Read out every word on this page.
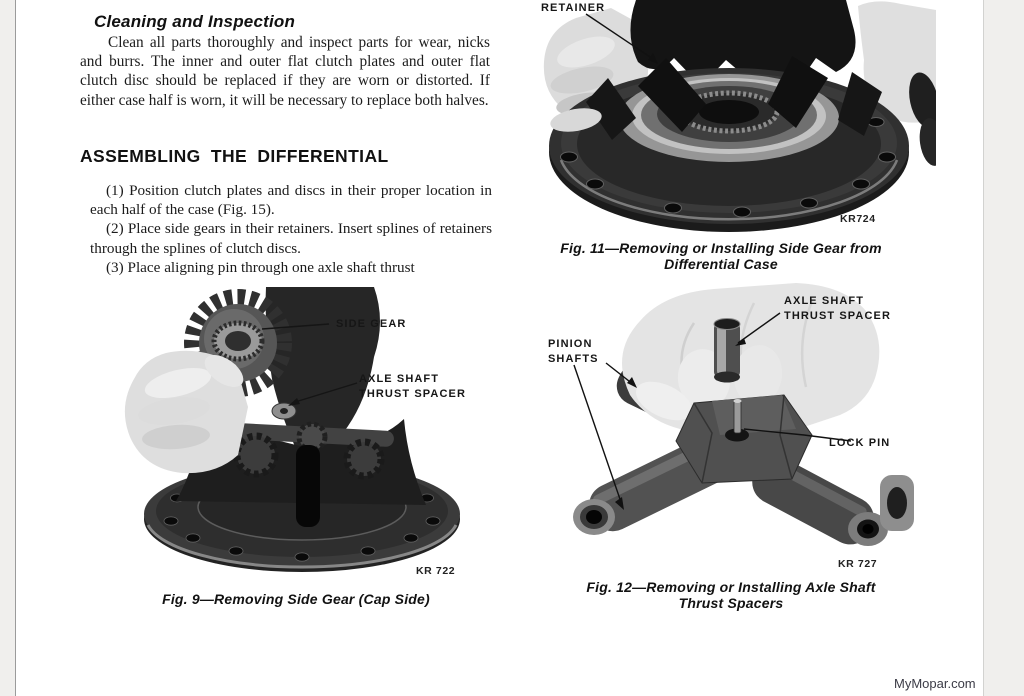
Cleaning and Inspection

Clean all parts thoroughly and inspect parts for wear, nicks and burrs. The inner and outer flat clutch plates and outer flat clutch disc should be replaced if they are worn or distorted. If either case half is worn, it will be necessary to replace both halves.

ASSEMBLING THE DIFFERENTIAL

(1) Position clutch plates and discs in their proper location in each half of the case (Fig. 15).

(2) Place side gears in their retainers. Insert splines of retainers through the splines of clutch discs.

(3) Place aligning pin through one axle shaft thrust

RETAINER
KR724
Fig. 11—Removing or Installing Side Gear from
Differential Case
SIDE GEAR
AXLE SHAFT
THRUST SPACER
KR 722
Fig. 9—Removing Side Gear (Cap Side)
AXLE SHAFT
THRUST SPACER
PINION
SHAFTS
LOCK PIN
KR 727
Fig. 12—Removing or Installing Axle Shaft
Thrust Spacers
MyMopar.com
